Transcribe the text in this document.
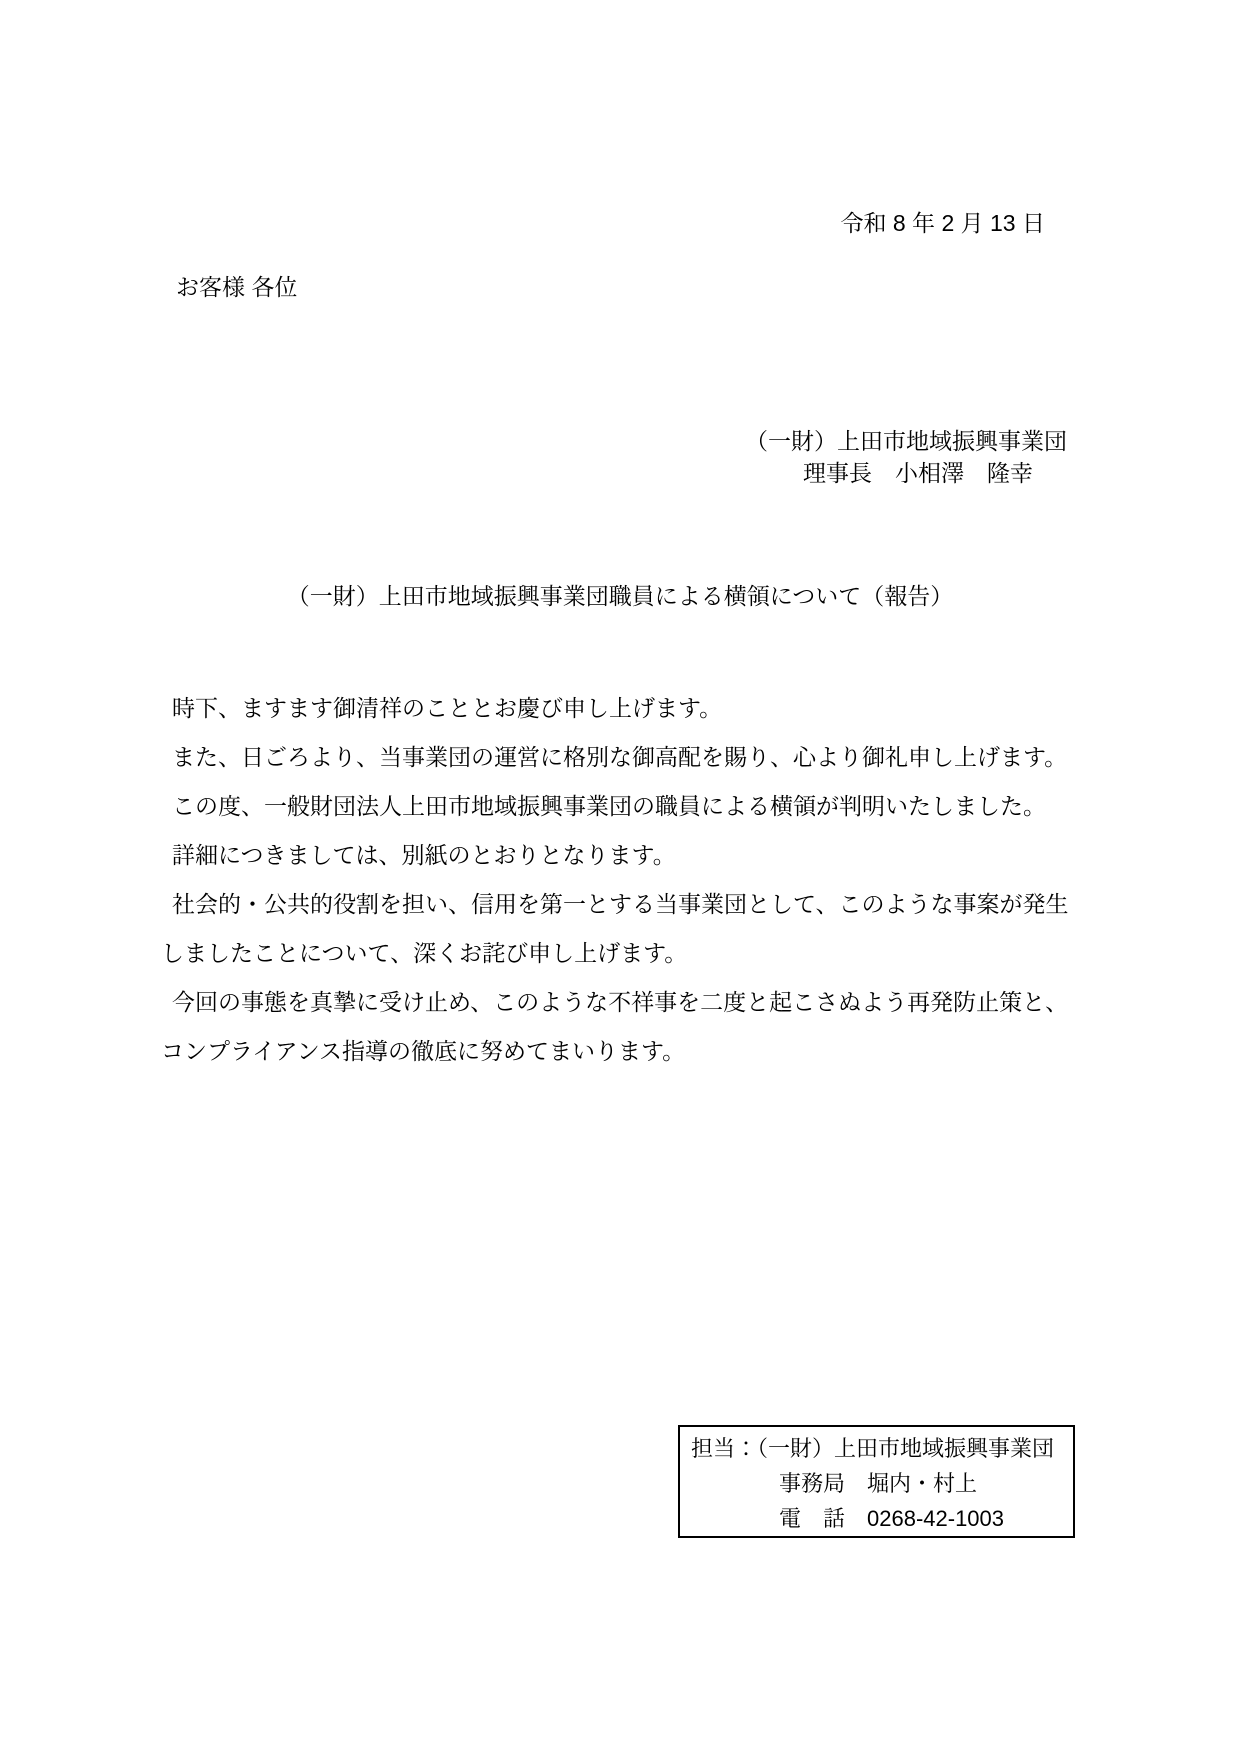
令和 8 年 2 月 13 日
お客様 各位
（一財）上田市地域振興事業団
理事長　小相澤　隆幸
（一財）上田市地域振興事業団職員による横領について（報告）

時下、ますます御清祥のこととお慶び申し上げます。

また、日ごろより、当事業団の運営に格別な御高配を賜り、心より御礼申し上げます。

この度、一般財団法人上田市地域振興事業団の職員による横領が判明いたしました。

詳細につきましては、別紙のとおりとなります。

社会的・公共的役割を担い、信用を第一とする当事業団として、このような事案が発生

しましたことについて、深くお詫び申し上げます。

今回の事態を真摯に受け止め、このような不祥事を二度と起こさぬよう再発防止策と、

コンプライアンス指導の徹底に努めてまいります。

担当：（一財）上田市地域振興事業団
事務局　堀内・村上
電　話　0268-42-1003
